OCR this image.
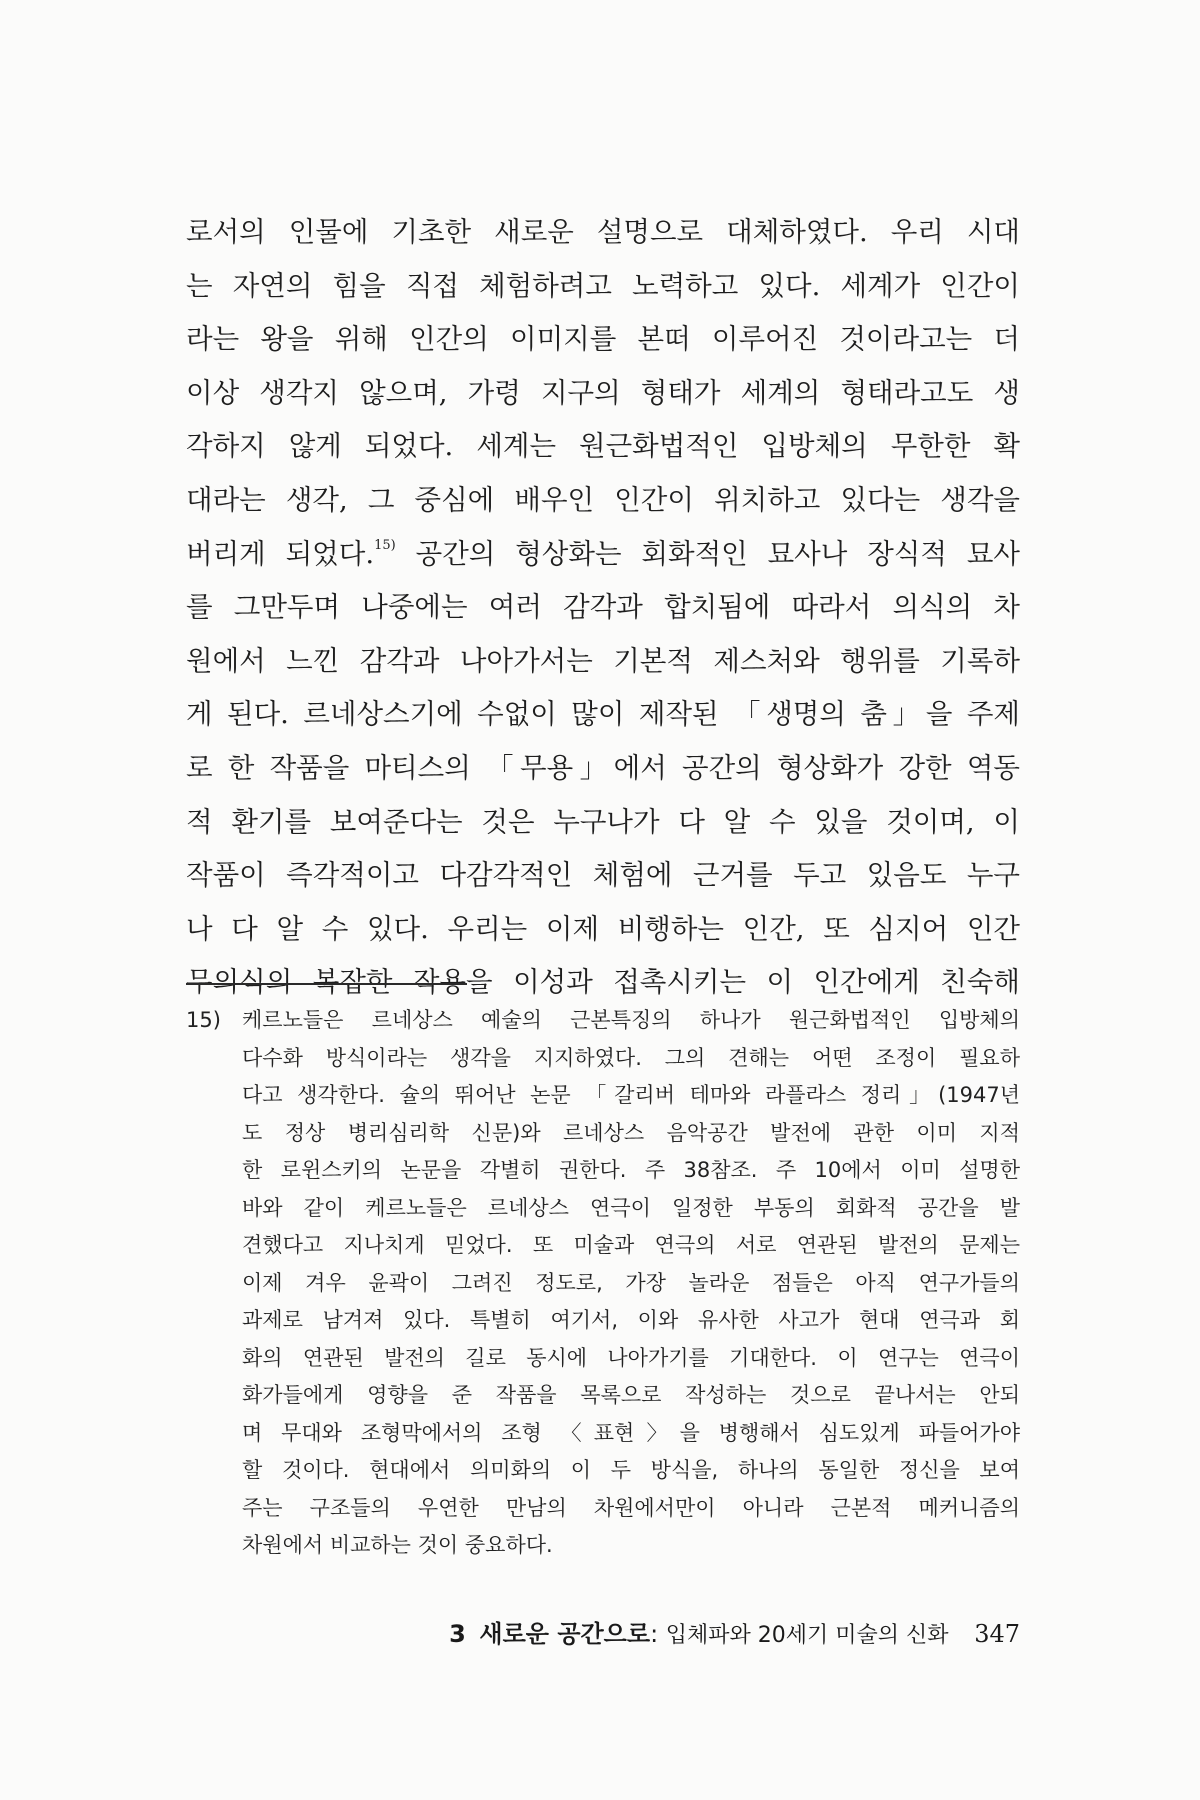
로서의 인물에 기초한 새로운 설명으로 대체하였다. 우리 시대
는 자연의 힘을 직접 체험하려고 노력하고 있다. 세계가 인간이
라는 왕을 위해 인간의 이미지를 본떠 이루어진 것이라고는 더
이상 생각지 않으며, 가령 지구의 형태가 세계의 형태라고도 생
각하지 않게 되었다. 세계는 원근화법적인 입방체의 무한한 확
대라는 생각, 그 중심에 배우인 인간이 위치하고 있다는 생각을
버리게 되었다.$^{15)}$ 공간의 형상화는 회화적인 묘사나 장식적 묘사
를 그만두며 나중에는 여러 감각과 합치됨에 따라서 의식의 차
원에서 느낀 감각과 나아가서는 기본적 제스처와 행위를 기록하
게 된다. 르네상스기에 수없이 많이 제작된 「생명의 춤」을 주제
로 한 작품을 마티스의 「무용」에서 공간의 형상화가 강한 역동
적 환기를 보여준다는 것은 누구나가 다 알 수 있을 것이며, 이
작품이 즉각적이고 다감각적인 체험에 근거를 두고 있음도 누구
나 다 알 수 있다. 우리는 이제 비행하는 인간, 또 심지어 인간
무의식의 복잡한 작용을 이성과 접촉시키는 이 인간에게 친숙해
15) 케르노들은 르네상스 예술의 근본특징의 하나가 원근화법적인 입방체의
다수화 방식이라는 생각을 지지하였다. 그의 견해는 어떤 조정이 필요하
다고 생각한다. 슐의 뛰어난 논문 「갈리버 테마와 라플라스 정리」(1947년
도 정상 병리심리학 신문)와 르네상스 음악공간 발전에 관한 이미 지적
한 로윈스키의 논문을 각별히 권한다. 주 38참조. 주 10에서 이미 설명한
바와 같이 케르노들은 르네상스 연극이 일정한 부동의 회화적 공간을 발
견했다고 지나치게 믿었다. 또 미술과 연극의 서로 연관된 발전의 문제는
이제 겨우 윤곽이 그려진 정도로, 가장 놀라운 점들은 아직 연구가들의
과제로 남겨져 있다. 특별히 여기서, 이와 유사한 사고가 현대 연극과 회
화의 연관된 발전의 길로 동시에 나아가기를 기대한다. 이 연구는 연극이
화가들에게 영향을 준 작품을 목록으로 작성하는 것으로 끝나서는 안되
며 무대와 조형막에서의 조형 〈표현〉을 병행해서 심도있게 파들어가야
할 것이다. 현대에서 의미화의 이 두 방식을, 하나의 동일한 정신을 보여
주는 구조들의 우연한 만남의 차원에서만이 아니라 근본적 메커니즘의
차원에서 비교하는 것이 중요하다.
3 새로운 공간으로: 입체파와 20세기 미술의 신화 347
